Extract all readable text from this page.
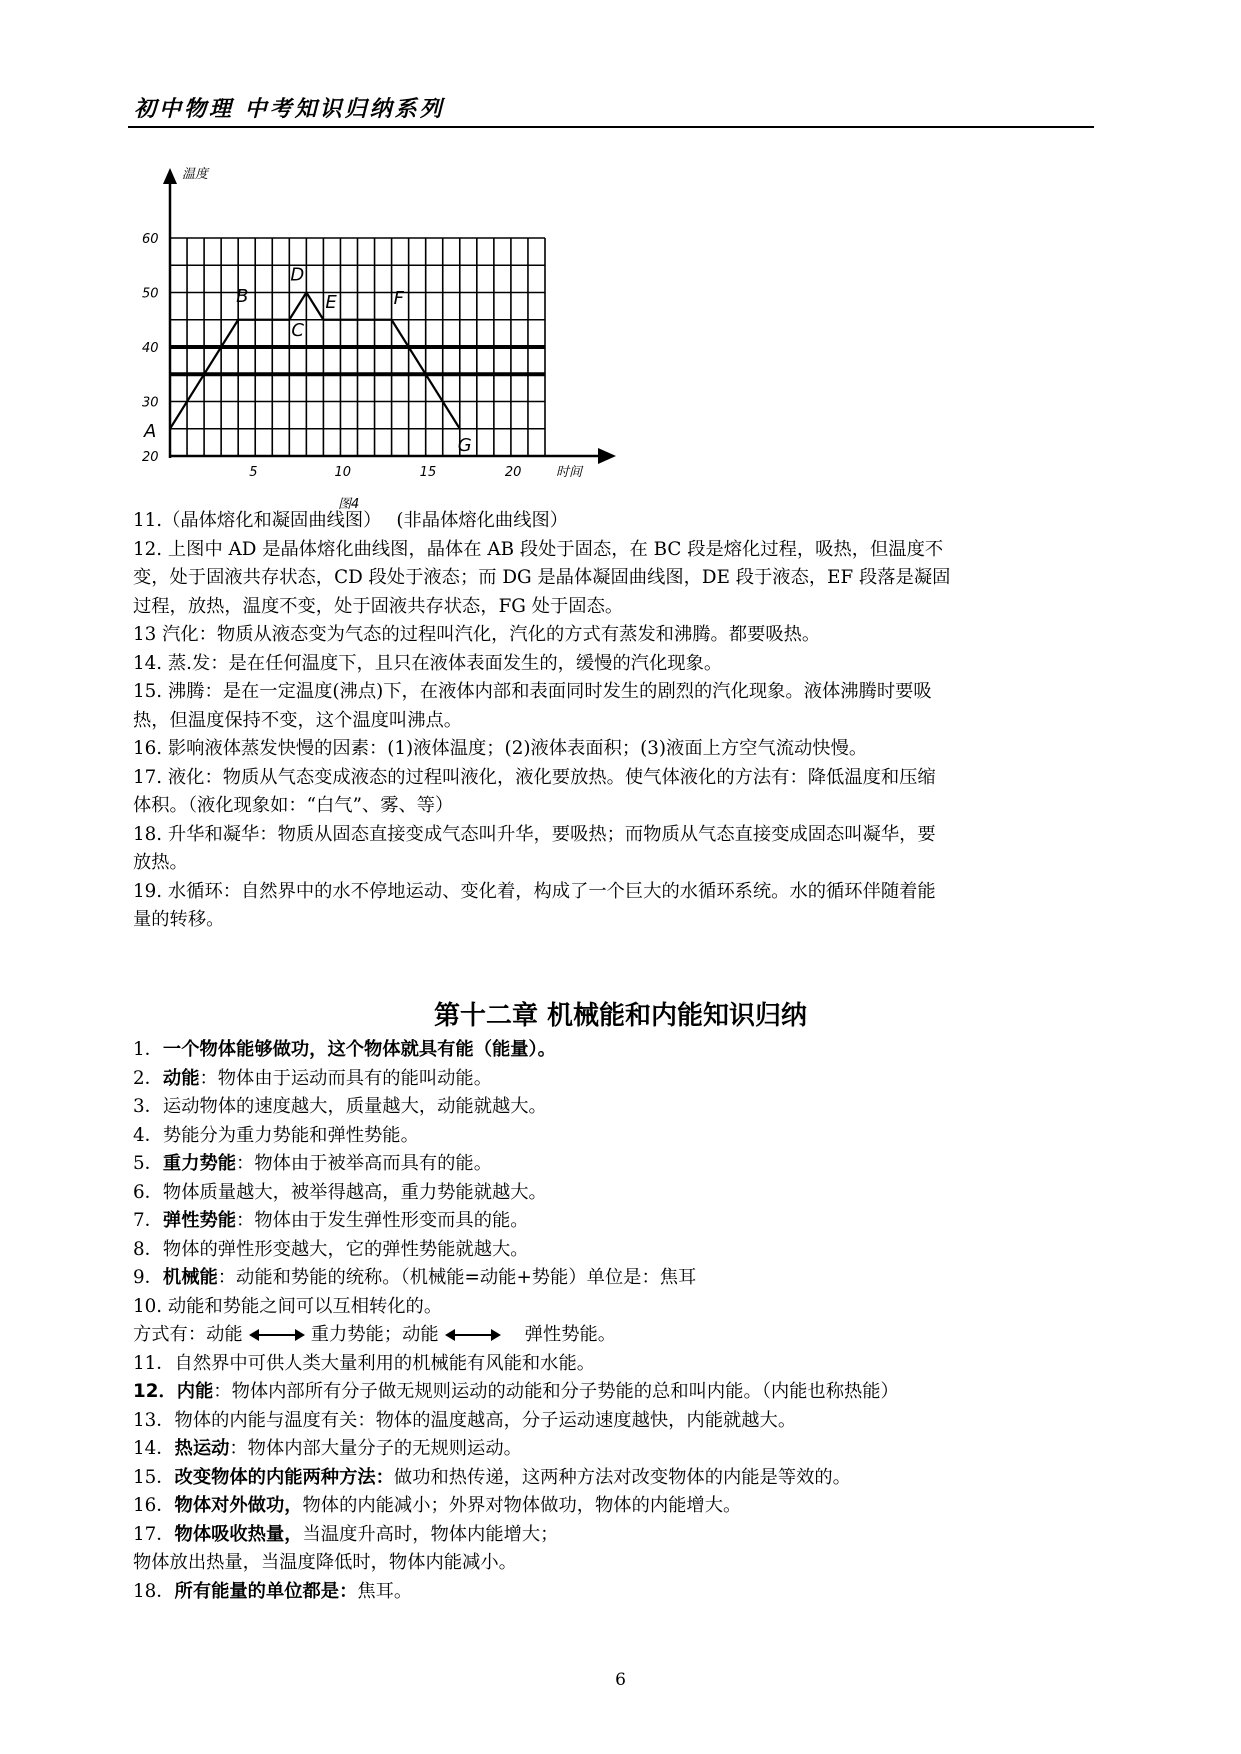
初中物理 中考知识归纳系列
温度
时间
20
30
40
50
60
5	10	15	20
A
B
C
D
E	F
G
图4
11.（晶体熔化和凝固曲线图）　 (非晶体熔化曲线图）
12. 上图中 AD 是晶体熔化曲线图，晶体在 AB 段处于固态，在 BC 段是熔化过程，吸热，但温度不
变，处于固液共存状态，CD 段处于液态；而 DG 是晶体凝固曲线图，DE 段于液态，EF 段落是凝固
过程，放热，温度不变，处于固液共存状态，FG 处于固态。
13 汽化：物质从液态变为气态的过程叫汽化，汽化的方式有蒸发和沸腾。都要吸热。
14. 蒸.发：是在任何温度下，且只在液体表面发生的，缓慢的汽化现象。
15. 沸腾：是在一定温度(沸点)下，在液体内部和表面同时发生的剧烈的汽化现象。液体沸腾时要吸
热，但温度保持不变，这个温度叫沸点。
16. 影响液体蒸发快慢的因素：(1)液体温度；(2)液体表面积；(3)液面上方空气流动快慢。
17. 液化：物质从气态变成液态的过程叫液化，液化要放热。使气体液化的方法有：降低温度和压缩
体积。（液化现象如：“白气”、雾、等）
18. 升华和凝华：物质从固态直接变成气态叫升华，要吸热；而物质从气态直接变成固态叫凝华，要
放热。
19. 水循环：自然界中的水不停地运动、变化着，构成了一个巨大的水循环系统。水的循环伴随着能
量的转移。
第十二章 机械能和内能知识归纳
1．一个物体能够做功，这个物体就具有能（能量）。
2．动能：物体由于运动而具有的能叫动能。
3．运动物体的速度越大，质量越大，动能就越大。
4．势能分为重力势能和弹性势能。
5．重力势能：物体由于被举高而具有的能。
6．物体质量越大，被举得越高，重力势能就越大。
7．弹性势能：物体由于发生弹性形变而具的能。
8．物体的弹性形变越大，它的弹性势能就越大。
9．机械能：动能和势能的统称。（机械能=动能+势能）单位是：焦耳
10. 动能和势能之间可以互相转化的。
方式有：动能	重力势能；动能	弹性势能。
11．自然界中可供人类大量利用的机械能有风能和水能。
12．内能：物体内部所有分子做无规则运动的动能和分子势能的总和叫内能。（内能也称热能）
13．物体的内能与温度有关：物体的温度越高，分子运动速度越快，内能就越大。
14．热运动：物体内部大量分子的无规则运动。
15．改变物体的内能两种方法：做功和热传递，这两种方法对改变物体的内能是等效的。
16．物体对外做功，物体的内能减小；外界对物体做功，物体的内能增大。
17．物体吸收热量，当温度升高时，物体内能增大；
物体放出热量，当温度降低时，物体内能减小。
18．所有能量的单位都是：焦耳。
6
